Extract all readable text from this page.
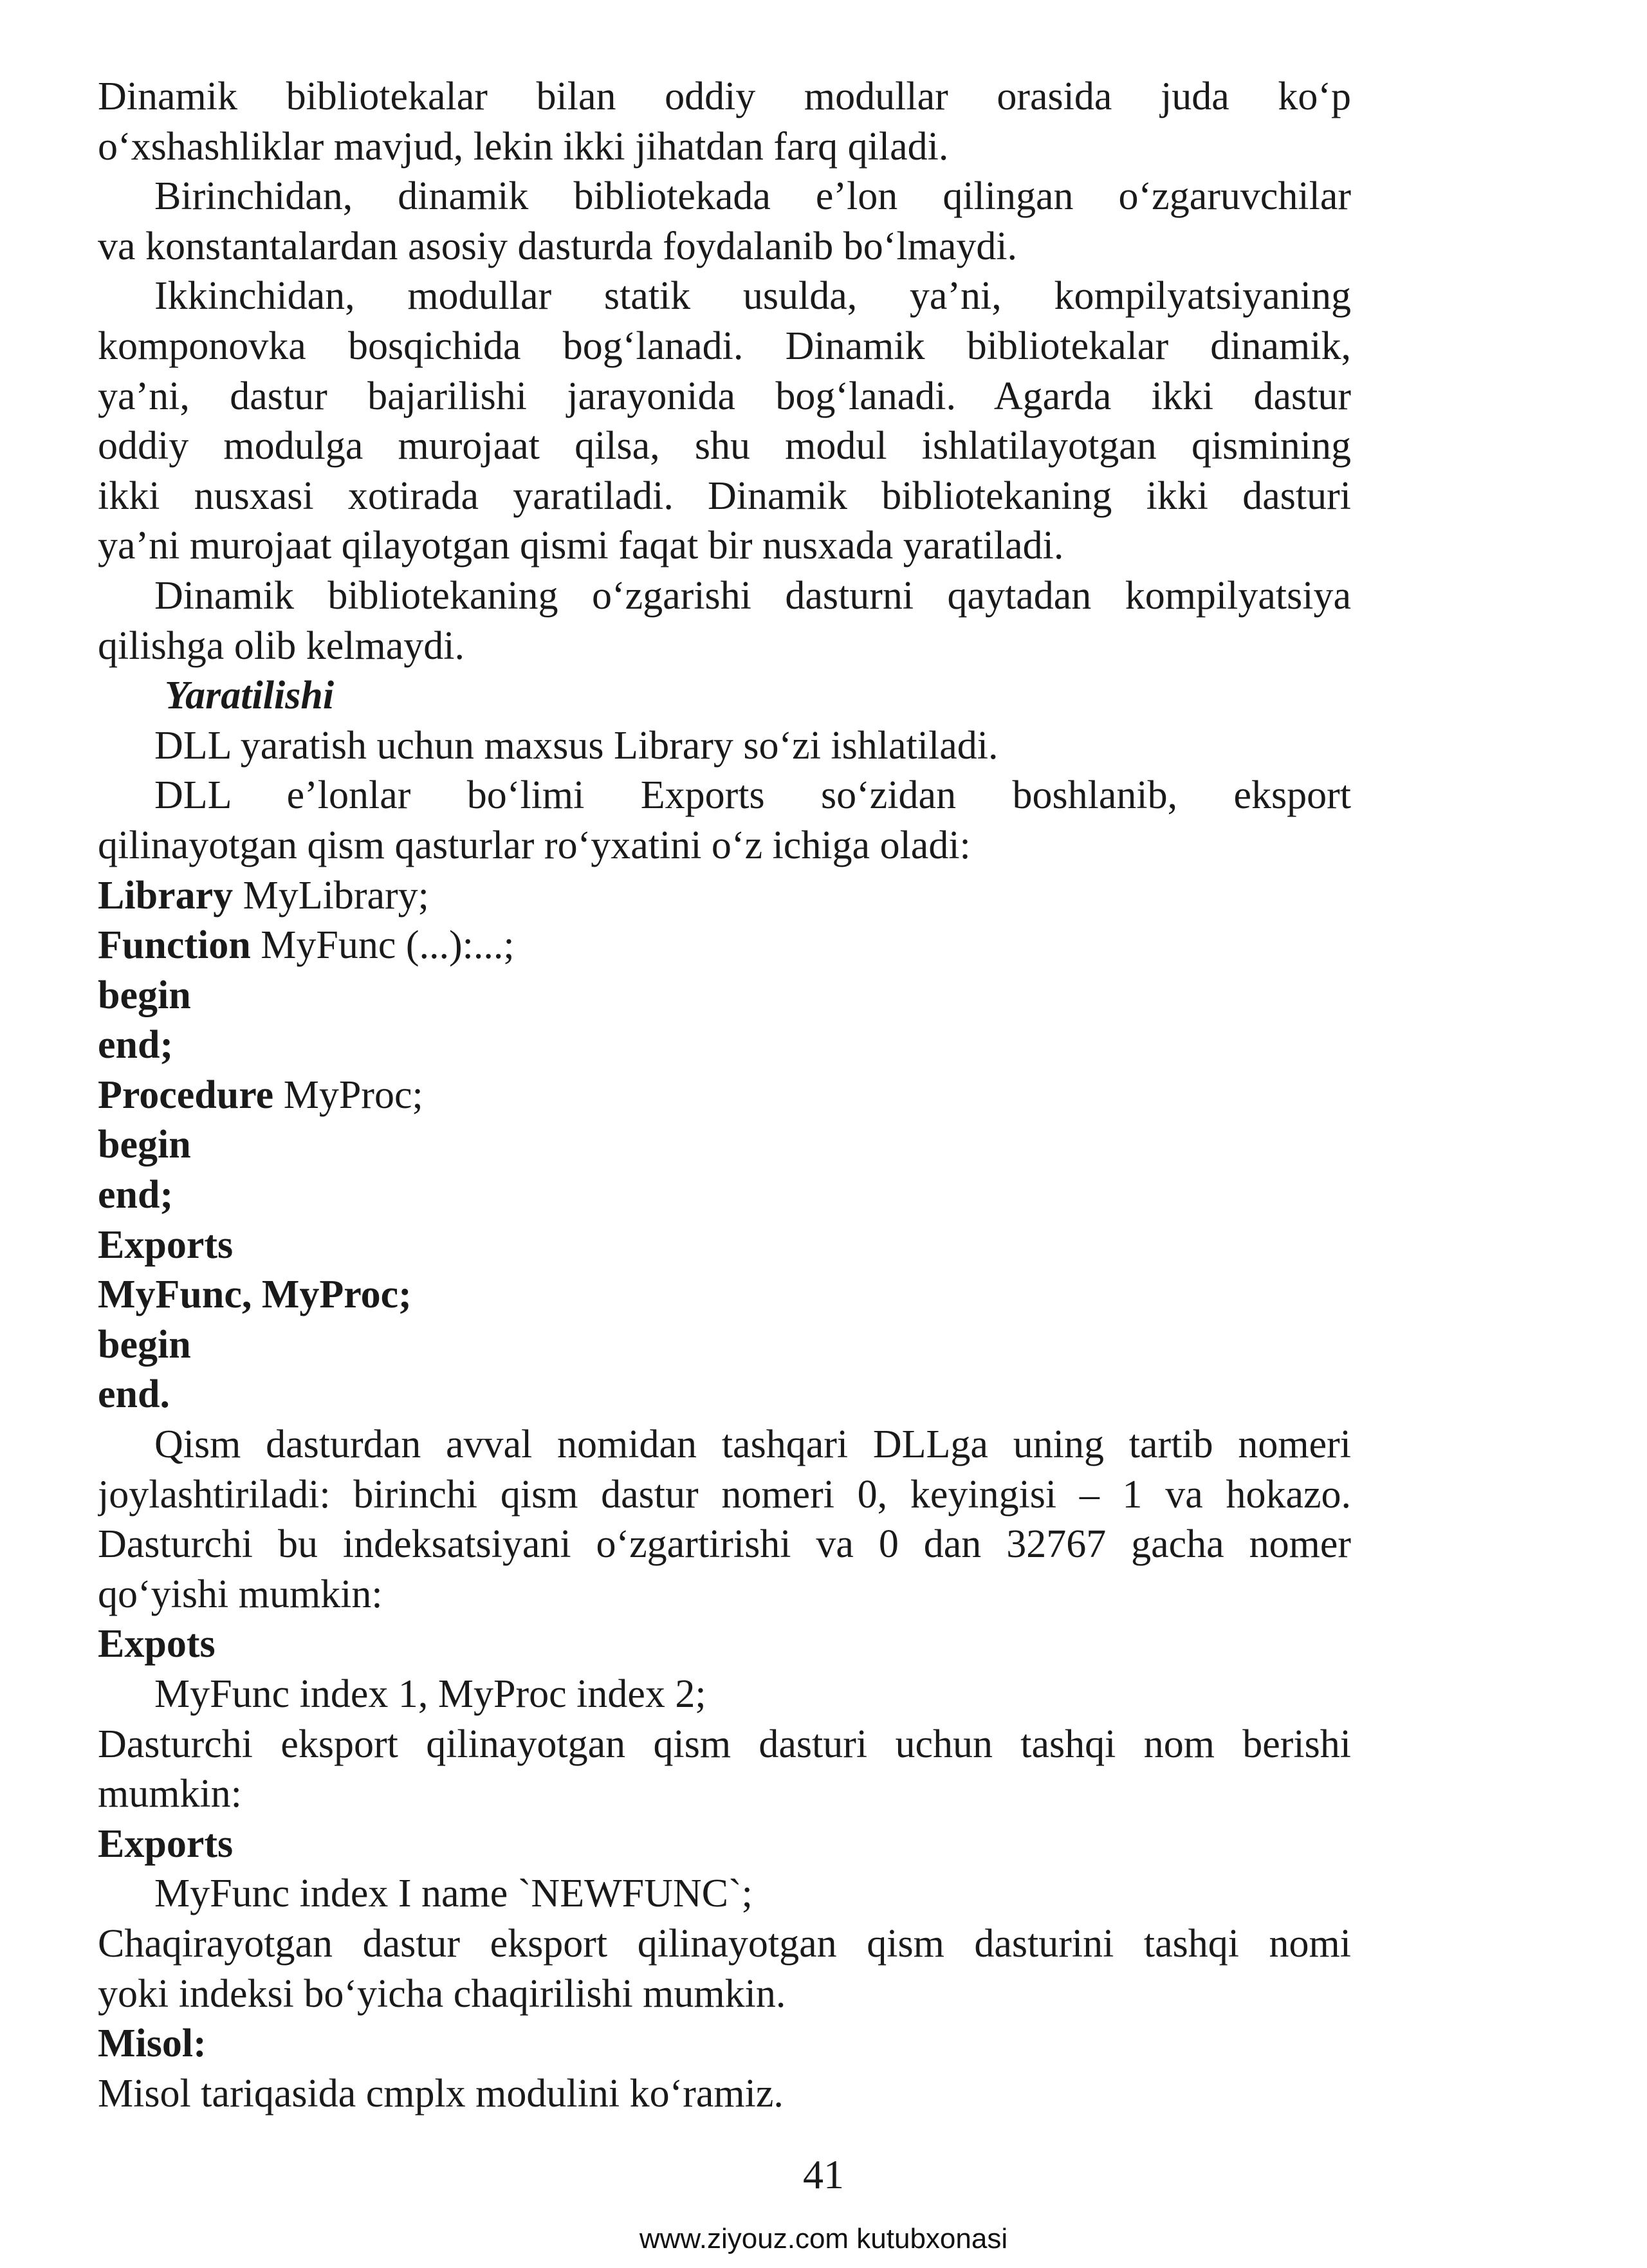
Dinamik bibliotekalar bilan oddiy modullar orasida juda ko‘p
o‘xshashliklar mavjud, lekin ikki jihatdan farq qiladi.
Birinchidan, dinamik bibliotekada e’lon qilingan o‘zgaruvchilar
va konstantalardan asosiy dasturda foydalanib bo‘lmaydi.
Ikkinchidan, modullar statik usulda, ya’ni, kompilyatsiyaning
komponovka bosqichida bog‘lanadi. Dinamik bibliotekalar dinamik,
ya’ni, dastur bajarilishi jarayonida bog‘lanadi. Agarda ikki dastur
oddiy modulga murojaat qilsa, shu modul ishlatilayotgan qismining
ikki nusxasi xotirada yaratiladi. Dinamik bibliotekaning ikki dasturi
ya’ni murojaat qilayotgan qismi faqat bir nusxada yaratiladi.
Dinamik bibliotekaning o‘zgarishi dasturni qaytadan kompilyatsiya
qilishga olib kelmaydi.
Yaratilishi
DLL yaratish uchun maxsus Library so‘zi ishlatiladi.
DLL e’lonlar bo‘limi Exports so‘zidan boshlanib, eksport
qilinayotgan qism qasturlar ro‘yxatini o‘z ichiga oladi:
Library MyLibrary;
Function MyFunc (...):...;
begin
end;
Procedure MyProc;
begin
end;
Exports
MyFunc, MyProc;
begin
end.
Qism dasturdan avval nomidan tashqari DLLga uning tartib nomeri
joylashtiriladi: birinchi qism dastur nomeri 0, keyingisi – 1 va hokazo.
Dasturchi bu indeksatsiyani o‘zgartirishi va 0 dan 32767 gacha nomer
qo‘yishi mumkin:
Expots
MyFunc index 1, MyProc index 2;
Dasturchi eksport qilinayotgan qism dasturi uchun tashqi nom berishi
mumkin:
Exports
MyFunc index I name `NEWFUNC`;
Chaqirayotgan dastur eksport qilinayotgan qism dasturini tashqi nomi
yoki indeksi bo‘yicha chaqirilishi mumkin.
Misol:
Misol tariqasida cmplx modulini ko‘ramiz.
41
www.ziyouz.com kutubxonasi
